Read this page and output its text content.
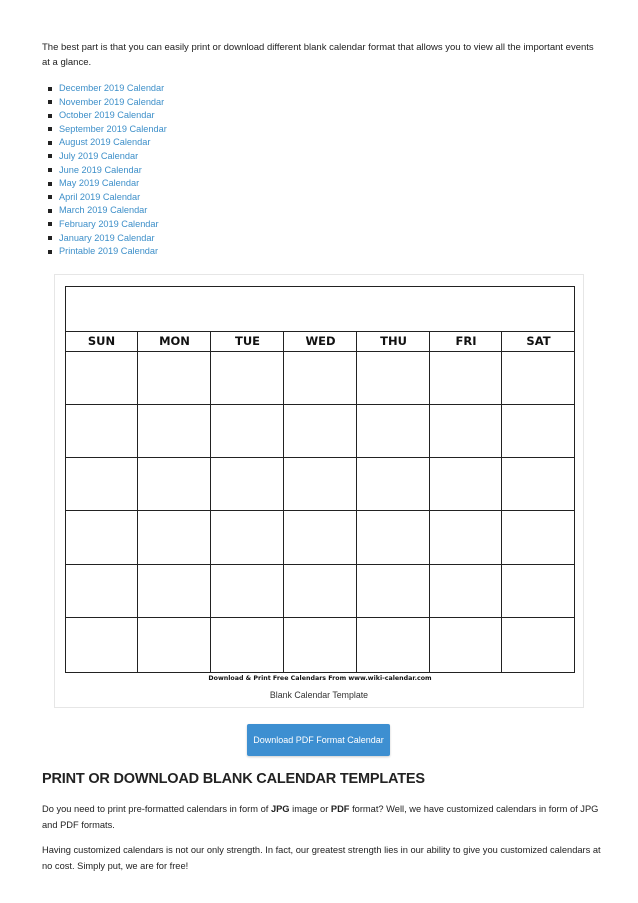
The best part is that you can easily print or download different blank calendar format that allows you to view all the important events at a glance.

December 2019 Calendar
November 2019 Calendar
October 2019 Calendar
September 2019 Calendar
August 2019 Calendar
July 2019 Calendar
June 2019 Calendar
May 2019 Calendar
April 2019 Calendar
March 2019 Calendar
February 2019 Calendar
January 2019 Calendar
Printable 2019 Calendar
SUN	MON	TUE	WED	THU	FRI	SAT
Download & Print Free Calendars From www.wiki-calendar.com
Blank Calendar Template
Download PDF Format Calendar
PRINT OR DOWNLOAD BLANK CALENDAR TEMPLATES

Do you need to print pre-formatted calendars in form of JPG image or PDF format? Well, we have customized calendars in form of JPG and PDF formats.

Having customized calendars is not our only strength. In fact, our greatest strength lies in our ability to give you customized calendars at no cost. Simply put, we are for free!
